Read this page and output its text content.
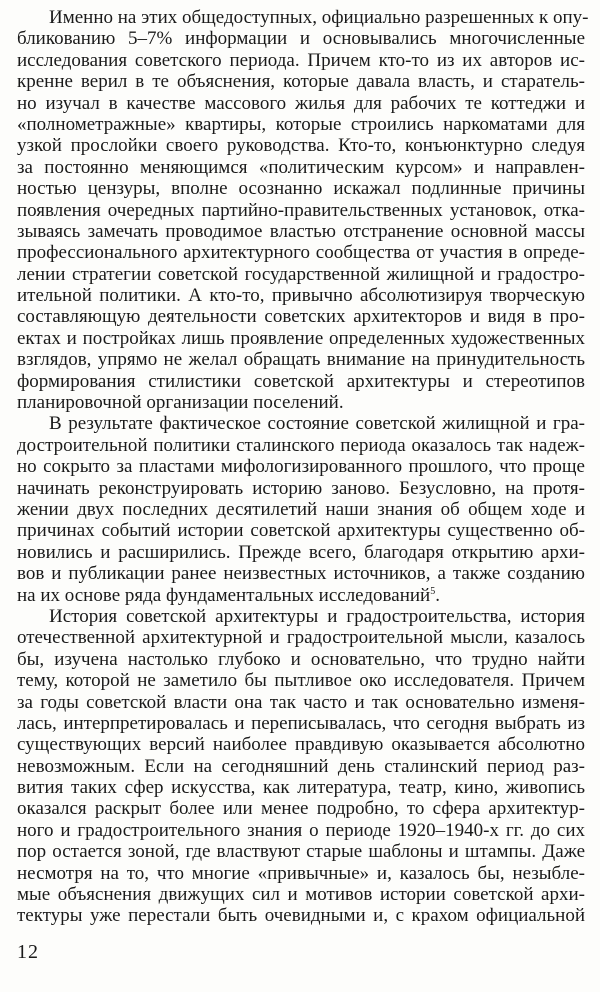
Именно на этих общедоступных, официально разрешенных к опу-
бликованию 5–7% информации и основывались многочисленные
исследования советского периода. Причем кто-то из их авторов ис-
кренне верил в те объяснения, которые давала власть, и старатель-
но изучал в качестве массового жилья для рабочих те коттеджи и
«полнометражные» квартиры, которые строились наркоматами для
узкой прослойки своего руководства. Кто-то, конъюнктурно следуя
за постоянно меняющимся «политическим курсом» и направлен-
ностью цензуры, вполне осознанно искажал подлинные причины
появления очередных партийно-правительственных установок, отка-
зываясь замечать проводимое властью отстранение основной массы
профессионального архитектурного сообщества от участия в опреде-
лении стратегии советской государственной жилищной и градостро-
ительной политики. А кто-то, привычно абсолютизируя творческую
составляющую деятельности советских архитекторов и видя в про-
ектах и постройках лишь проявление определенных художественных
взглядов, упрямо не желал обращать внимание на принудительность
формирования стилистики советской архитектуры и стереотипов
планировочной организации поселений.
В результате фактическое состояние советской жилищной и гра-
достроительной политики сталинского периода оказалось так надеж-
но сокрыто за пластами мифологизированного прошлого, что проще
начинать реконструировать историю заново. Безусловно, на протя-
жении двух последних десятилетий наши знания об общем ходе и
причинах событий истории советской архитектуры существенно об-
новились и расширились. Прежде всего, благодаря открытию архи-
вов и публикации ранее неизвестных источников, а также созданию
на их основе ряда фундаментальных исследований$^5$.
История советской архитектуры и градостроительства, история
отечественной архитектурной и градостроительной мысли, казалось
бы, изучена настолько глубоко и основательно, что трудно найти
тему, которой не заметило бы пытливое око исследователя. Причем
за годы советской власти она так часто и так основательно изменя-
лась, интерпретировалась и переписывалась, что сегодня выбрать из
существующих версий наиболее правдивую оказывается абсолютно
невозможным. Если на сегодняшний день сталинский период раз-
вития таких сфер искусства, как литература, театр, кино, живопись
оказался раскрыт более или менее подробно, то сфера архитектур-
ного и градостроительного знания о периоде 1920–1940-х гг. до сих
пор остается зоной, где властвуют старые шаблоны и штампы. Даже
несмотря на то, что многие «привычные» и, казалось бы, незыбле-
мые объяснения движущих сил и мотивов истории советской архи-
тектуры уже перестали быть очевидными и, с крахом официальной
12
